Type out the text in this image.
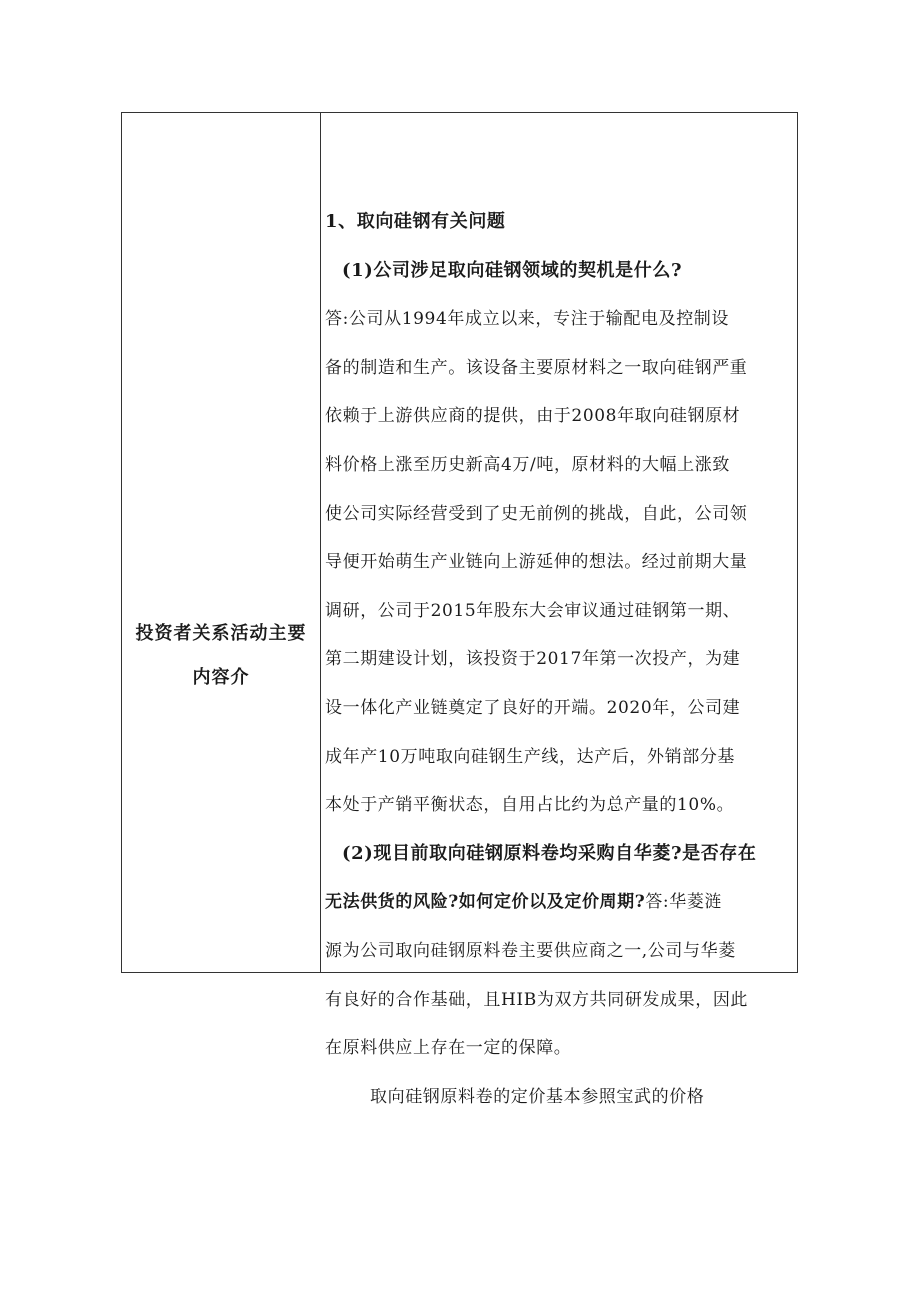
投资者关系活动主要
内容介
1、取向硅钢有关问题
(1)公司涉足取向硅钢领域的契机是什么?
答:公司从1994年成立以来，专注于输配电及控制设
备的制造和生产。该设备主要原材料之一取向硅钢严重
依赖于上游供应商的提供，由于2008年取向硅钢原材
料价格上涨至历史新高4万/吨，原材料的大幅上涨致
使公司实际经营受到了史无前例的挑战，自此，公司领
导便开始萌生产业链向上游延伸的想法。经过前期大量
调研，公司于2015年股东大会审议通过硅钢第一期、
第二期建设计划，该投资于2017年第一次投产，为建
设一体化产业链奠定了良好的开端。2020年，公司建
成年产10万吨取向硅钢生产线，达产后，外销部分基
本处于产销平衡状态，自用占比约为总产量的10%。
(2)现目前取向硅钢原料卷均采购自华菱?是否存在
无法供货的风险?如何定价以及定价周期?答:华菱涟
源为公司取向硅钢原料卷主要供应商之一,公司与华菱
有良好的合作基础，且HIB为双方共同研发成果，因此
在原料供应上存在一定的保障。
取向硅钢原料卷的定价基本参照宝武的价格
